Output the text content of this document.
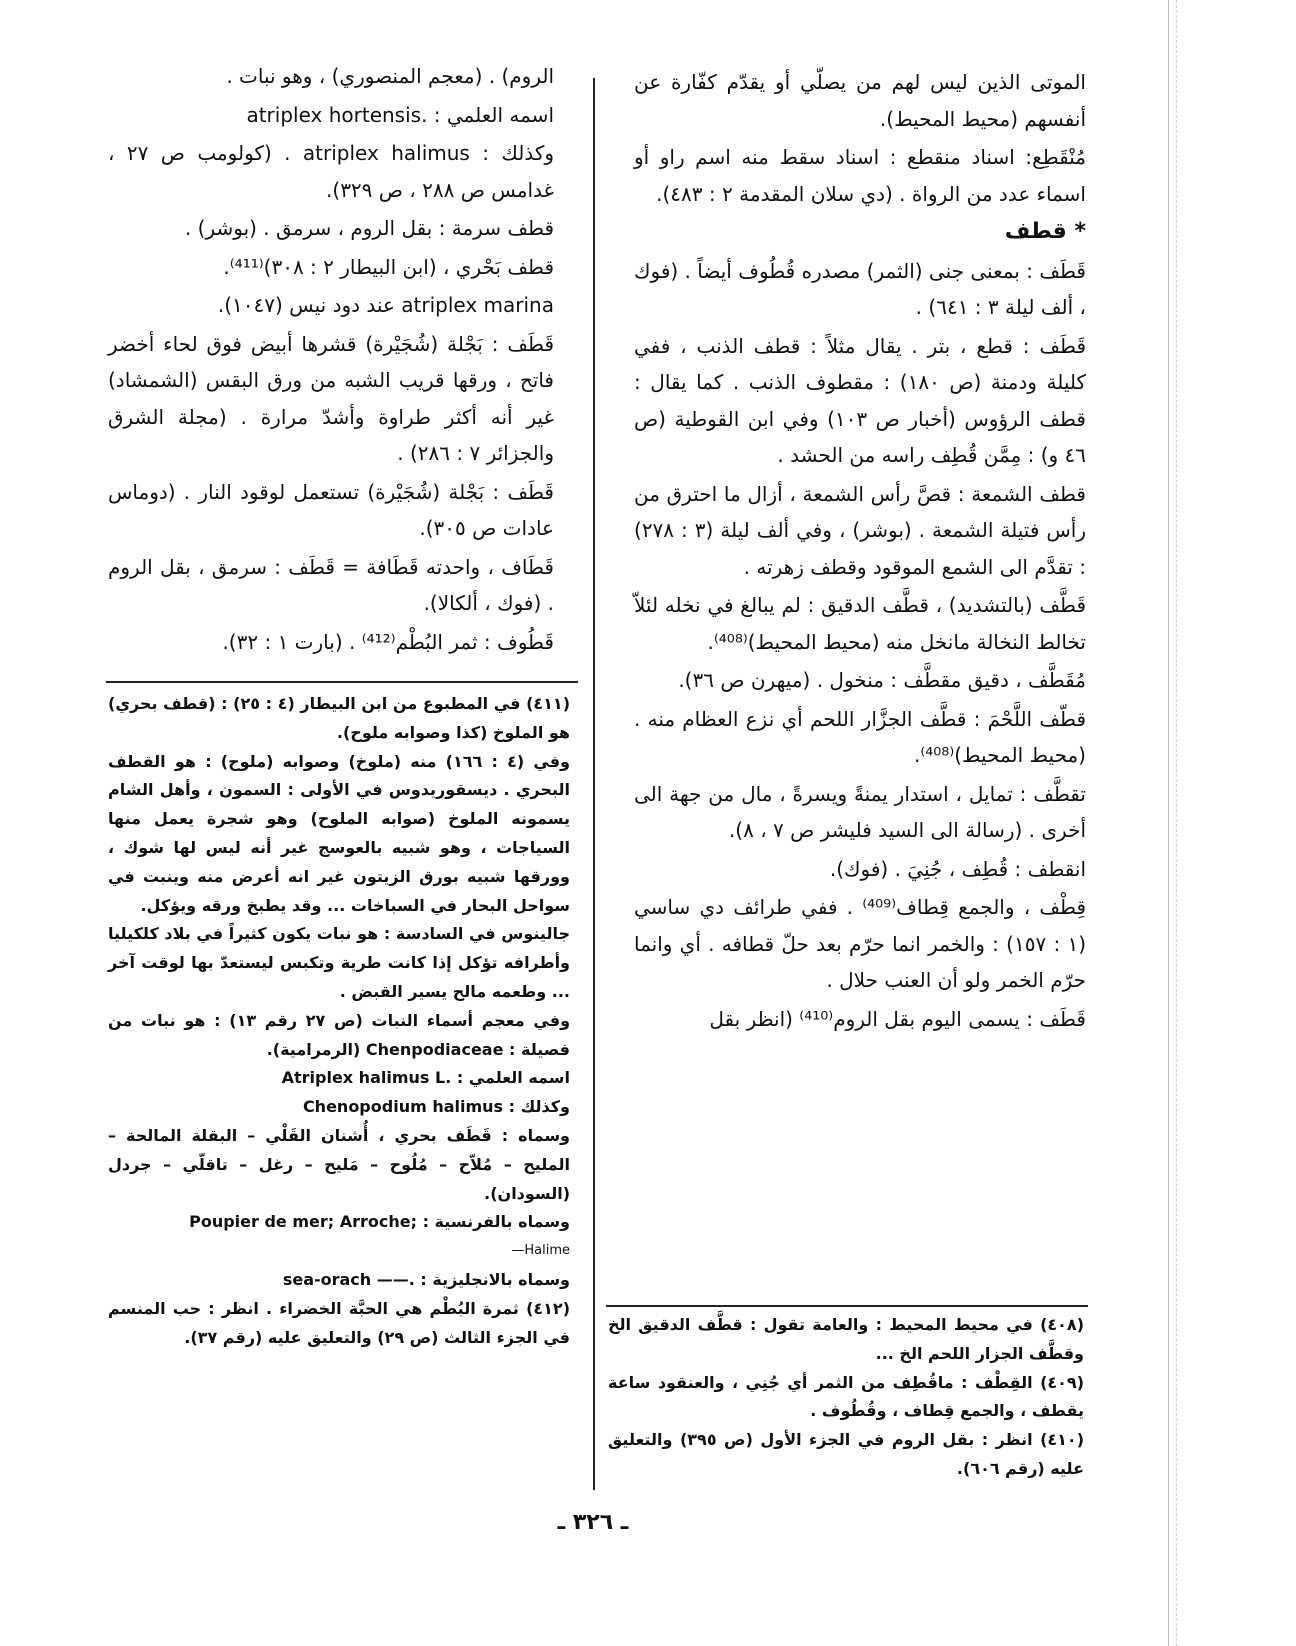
الموتى الذين ليس لهم من يصلّي أو يقدّم كفّارة عن أنفسهم (محيط المحيط).

مُنْقَطِع: اسناد منقطع : اسناد سقط منه اسم راو أو اسماء عدد من الرواة . (دي سلان المقدمة ٢ : ٤٨٣).

* قطف

قَطَف : بمعنى جنى (الثمر) مصدره قُطُوف أيضاً . (فوك ، ألف ليلة ٣ : ٦٤١) .

قَطَف : قطع ، بتر . يقال مثلاً : قطف الذنب ، ففي كليلة ودمنة (ص ١٨٠) : مقطوف الذنب . كما يقال : قطف الرؤوس (أخبار ص ١٠٣) وفي ابن القوطية (ص ٤٦ و) : مِمَّن قُطِف راسه من الحشد .

قطف الشمعة : قصَّ رأس الشمعة ، أزال ما احترق من رأس فتيلة الشمعة . (بوشر) ، وفي ألف ليلة (٣ : ٢٧٨) : تقدَّم الى الشمع الموقود وقطف زهرته .

قَطَّف (بالتشديد) ، قطَّف الدقيق : لم يبالغ في نخله لئلاّ تخالط النخالة مانخل منه (محيط المحيط)⁽⁴⁰⁸⁾.

مُقَطَّف ، دقيق مقطَّف : منخول . (ميهرن ص ٣٦).

قطّف اللَّحْمَ : قطَّف الجزَّار اللحم أي نزع العظام منه . (محيط المحيط)⁽⁴⁰⁸⁾.

تقطَّف : تمايل ، استدار يمنةً ويسرةً ، مال من جهة الى أخرى . (رسالة الى السيد فليشر ص ٧ ، ٨).

انقطف : قُطِف ، جُنِيَ . (فوك).

قِطْف ، والجمع قِطاف⁽⁴⁰⁹⁾ . ففي طرائف دي ساسي (١ : ١٥٧) : والخمر انما حرّم بعد حلّ قطافه . أي وانما حرّم الخمر ولو أن العنب حلال .

قَطَف : يسمى اليوم بقل الروم⁽⁴¹⁰⁾ (انظر بقل

الروم) . (معجم المنصوري) ، وهو نبات .

اسمه العلمي : .atriplex hortensis

وكذلك : atriplex halimus . (كولومب ص ٢٧ ، غدامس ص ٢٨٨ ، ص ٣٢٩).

قطف سرمة : بقل الروم ، سرمق . (بوشر) .

قطف بَحْري ، (ابن البيطار ٢ : ٣٠٨)⁽⁴¹¹⁾.

atriplex marina عند دود نيس (١٠٤٧).

قَطَف : بَجْلة (شُجَيْرة) قشرها أبيض فوق لحاء أخضر فاتح ، ورقها قريب الشبه من ورق البقس (الشمشاد) غير أنه أكثر طراوة وأشدّ مرارة . (مجلة الشرق والجزائر ٧ : ٢٨٦) .

قَطَف : بَجْلة (شُجَيْرة) تستعمل لوقود النار . (دوماس عادات ص ٣٠٥).

قَطَاف ، واحدته قَطَافة = قَطَف : سرمق ، بقل الروم . (فوك ، ألكالا).

قَطُوف : ثمر البُطْم⁽⁴¹²⁾ . (بارت ١ : ٣٢).

(٤١١) في المطبوع من ابن البيطار (٤ : ٢٥) : (قطف بحري) هو الملوخ (كذا وصوابه ملوح).

وفي (٤ : ١٦٦) منه (ملوخ) وصوابه (ملوح) : هو القطف البحري . ديسقوريدوس في الأولى : السمون ، وأهل الشام يسمونه الملوخ (صوابه الملوح) وهو شجرة يعمل منها السياجات ، وهو شبيه بالعوسج غير أنه ليس لها شوك ، وورقها شبيه بورق الزيتون غير انه أعرض منه وينبت في سواحل البحار في السباخات ... وقد يطبخ ورقه ويؤكل.

جالينوس في السادسة : هو نبات يكون كثيراً في بلاد كلكيليا وأطرافه تؤكل إذا كانت طرية وتكبس ليستعدّ بها لوقت آخر ... وطعمه مالح يسير القبض .

وفي معجم أسماء النبات (ص ٢٧ رقم ١٣) : هو نبات من فصيلة : Chenpodiaceae (الرمرامية).

اسمه العلمي : .Atriplex halimus L

وكذلك : Chenopodium halimus

وسماه : قَطَف بحري ، أُشنان القَلْي – البقلة المالحة – المليح – مُلاّح – مُلُوح – مَليح – رغل – تاقلّي – جردل (السودان).

وسماه بالفرنسية : ;Poupier de mer; Arroche

—Halime

وسماه بالانجليزية : .—— sea-orach

(٤١٢) ثمرة البُطْم هي الحبَّة الخضراء . انظر : حب المنسم في الجزء الثالث (ص ٢٩) والتعليق عليه (رقم ٣٧).

(٤٠٨) في محيط المحيط : والعامة تقول : قطَّف الدقيق الخ وقطَّف الجزار اللحم الخ ...

(٤٠٩) القِطْف : ماقُطِف من الثمر أي جُنِي ، والعنقود ساعة يقطف ، والجمع قِطاف ، وقُطُوف .

(٤١٠) انظر : بقل الروم في الجزء الأول (ص ٣٩٥) والتعليق عليه (رقم ٦٠٦).

ـ ٣٢٦ ـ
